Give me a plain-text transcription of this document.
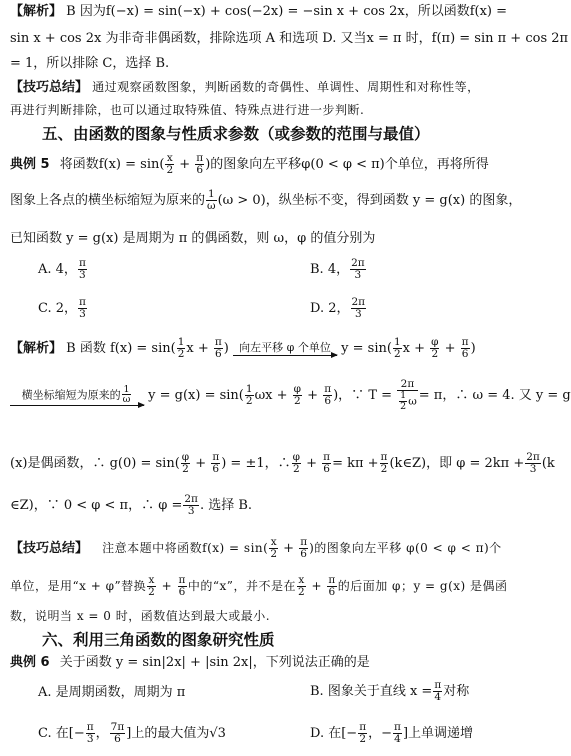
【解析】 B 因为f(−x) = sin(−x) + cos(−2x) = −sin x + cos 2x，所以函数f(x) =
sin x + cos 2x 为非奇非偶函数，排除选项 A 和选项 D. 又当x = π 时，f(π) = sin π + cos 2π
= 1，所以排除 C，选择 B.
【技巧总结】 通过观察函数图象，判断函数的奇偶性、单调性、周期性和对称性等，
再进行判断排除，也可以通过取特殊值、特殊点进行进一步判断.
五、由函数的图象与性质求参数（或参数的范围与最值）
典例 5 将函数$f(x) = \sin( \frac{x}{2} + \frac{\pi}{6}$ )的图象向左平移φ(0 < φ < π)个单位，再将所得
图象上各点的横坐标缩短为原来的 $\frac{1}{\omega} (\omega > 0)$，纵坐标不变，得到函数 y = g(x) 的图象，
已知函数 y = g(x) 是周期为 π 的偶函数，则 ω，φ 的值分别为
A. 4， $\frac{\pi}{3}$	B. 4， $\frac{2\pi}{3}$
C. 2， $\frac{\pi}{3}$	D. 2， $\frac{2\pi}{3}$
【解析】 B 函数 $f(x) = \sin( \frac{1}{2}$ $x + \frac{\pi}{6}$ ) 向左平移 φ 个单位 $y = \sin( \frac{1}{2}$ $x + \frac{\varphi}{2} + \frac{\pi}{6}$ )
横坐标缩短为原来的 $\frac{1}{\omega}$ $y = g(x) = \sin( \frac{1}{2}$ $\omega x + \frac{\varphi}{2} + \frac{\pi}{6}$ )，∵ $T = \frac{2\pi}{\frac{1}{2} \omega} = \pi$，∴ ω = 4. 又 y = g
(x)是偶函数，∴ $g(0) = \sin( \frac{\varphi}{2} + \frac{\pi}{6}$ ) = ±1，∴ $\frac{\varphi}{2} + \frac{\pi}{6} = k\pi + \frac{\pi}{2}$ (k∈Z)，即 $\varphi = 2k\pi + \frac{2\pi}{3} (k$
∈Z)，∵ 0 < φ < π，∴ $\varphi = \frac{2\pi}{3}$ . 选择 B.
【技巧总结】 注意本题中将函数$f(x) = \sin( \frac{x}{2} + \frac{\pi}{6}$ )的图象向左平移 φ(0 < φ < π)个
单位，是用“x + φ”替换 $\frac{x}{2} + \frac{\pi}{6}$ 中的“x”，并不是在 $\frac{x}{2} + \frac{\pi}{6}$ 的后面加 φ；y = g(x) 是偶函
数，说明当 x = 0 时，函数值达到最大或最小.
六、利用三角函数的图象研究性质
典例 6 关于函数 y = sin|2x| + |sin 2x|，下列说法正确的是
A. 是周期函数，周期为 π	B. 图象关于直线 $x = \frac{\pi}{4}$ 对称
C. 在[− $\frac{\pi}{3}$ ， $\frac{7\pi}{6}$ ]上的最大值为√3	D. 在[− $\frac{\pi}{2}$ ，− $\frac{\pi}{4}$ ]上单调递增
